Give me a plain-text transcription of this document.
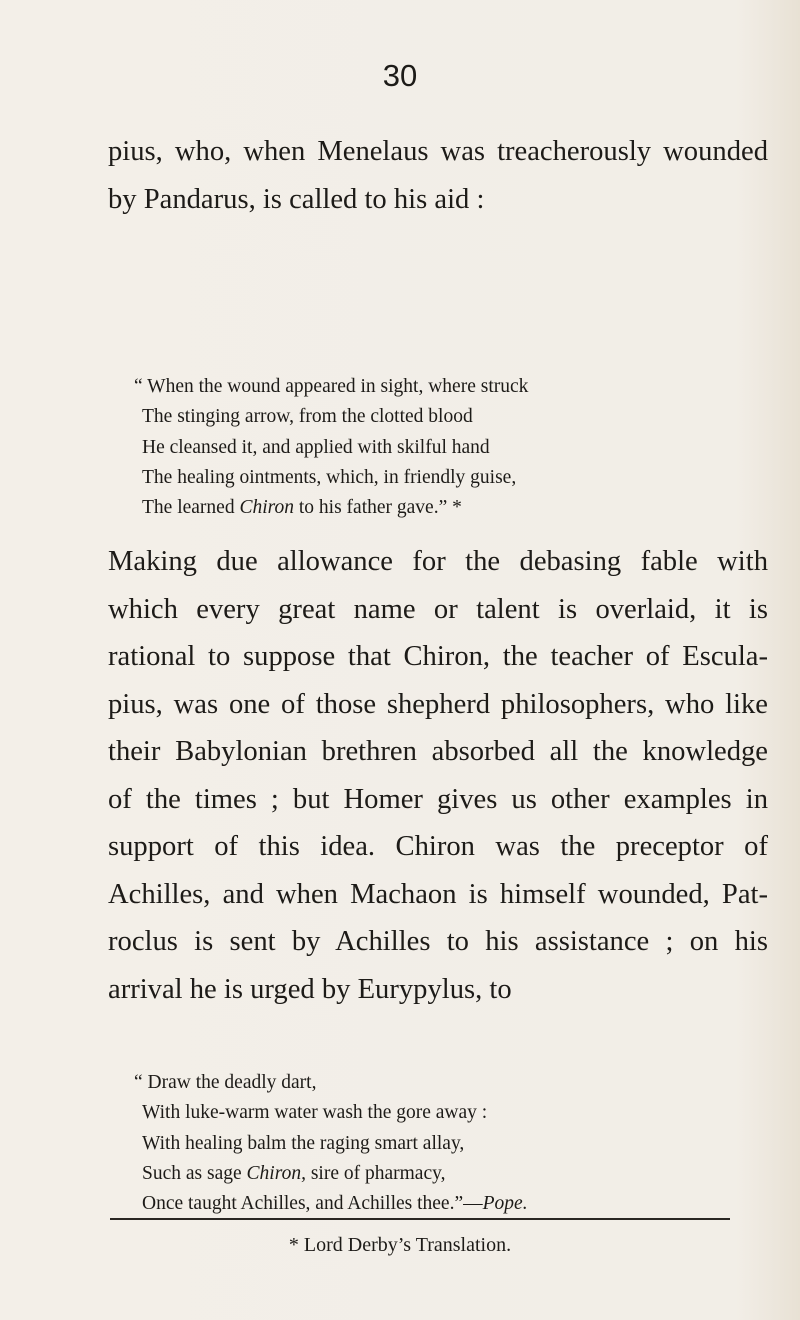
30
pius, who, when Menelaus was treacherously wounded
by Pandarus, is called to his aid :
“ When the wound appeared in sight, where struck
The stinging arrow, from the clotted blood
He cleansed it, and applied with skilful hand
The healing ointments, which, in friendly guise,
The learned Chiron to his father gave.” *
Making due allowance for the debasing fable with
which every great name or talent is overlaid, it is
rational to suppose that Chiron, the teacher of Escula-
pius, was one of those shepherd philosophers, who like
their Babylonian brethren absorbed all the knowledge
of the times ; but Homer gives us other examples in
support of this idea. Chiron was the preceptor of
Achilles, and when Machaon is himself wounded, Pat-
roclus is sent by Achilles to his assistance ; on his
arrival he is urged by Eurypylus, to
“ Draw the deadly dart,
With luke-warm water wash the gore away :
With healing balm the raging smart allay,
Such as sage Chiron, sire of pharmacy,
Once taught Achilles, and Achilles thee.”—Pope.
* Lord Derby’s Translation.
